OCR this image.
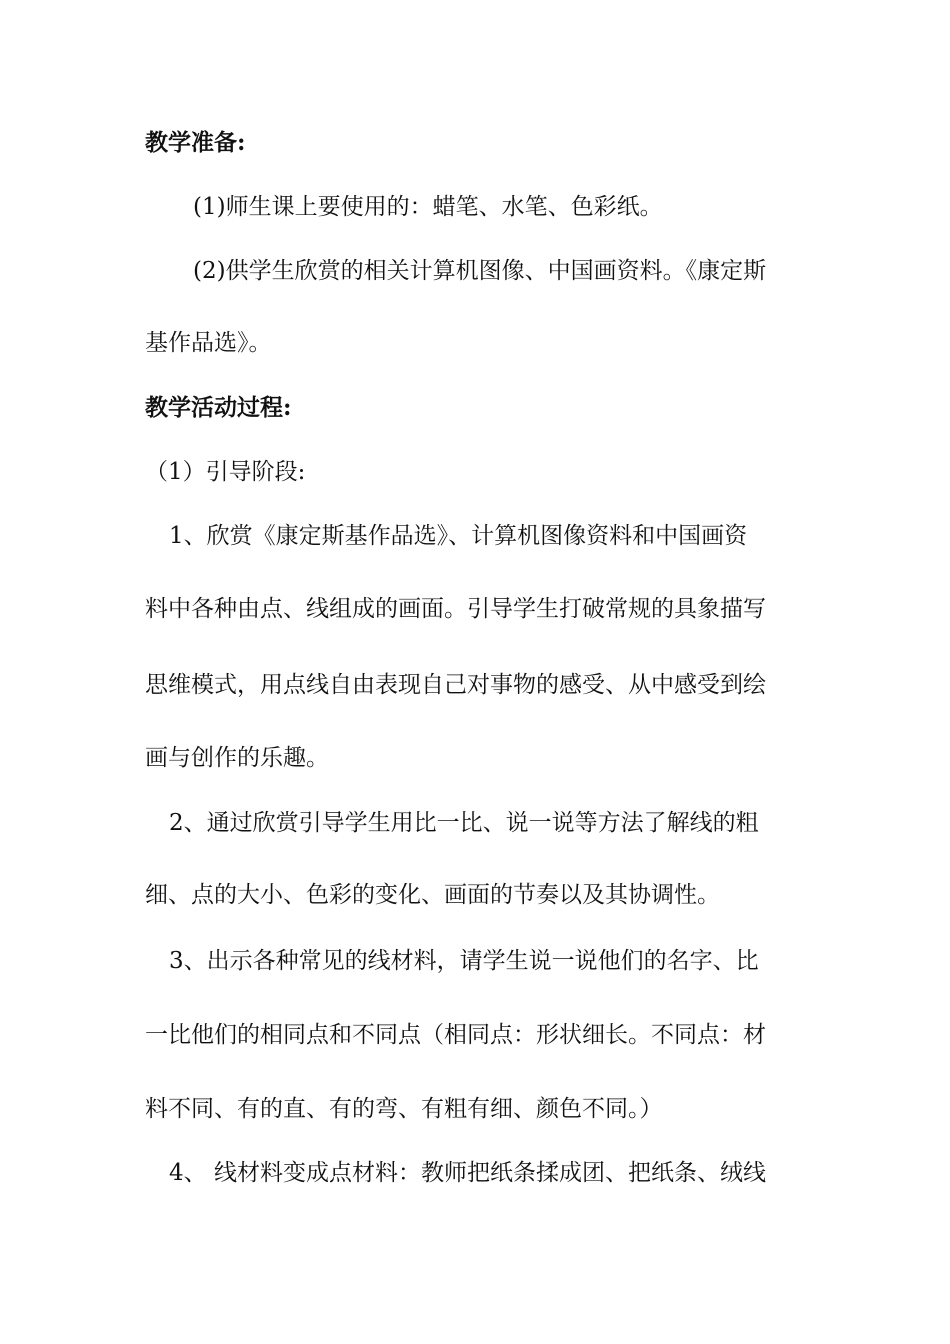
教学准备:
(1)师生课上要使用的：蜡笔、水笔、色彩纸。
(2)供学生欣赏的相关计算机图像、中国画资料。《康定斯
基作品选》。
教学活动过程:
（1）引导阶段:
1、欣赏《康定斯基作品选》、计算机图像资料和中国画资
料中各种由点、线组成的画面。引导学生打破常规的具象描写
思维模式，用点线自由表现自己对事物的感受、从中感受到绘
画与创作的乐趣。
2、通过欣赏引导学生用比一比、说一说等方法了解线的粗
细、点的大小、色彩的变化、画面的节奏以及其协调性。
3、出示各种常见的线材料，请学生说一说他们的名字、比
一比他们的相同点和不同点（相同点：形状细长。不同点：材
料不同、有的直、有的弯、有粗有细、颜色不同。）
4、 线材料变成点材料：教师把纸条揉成团、把纸条、绒线
